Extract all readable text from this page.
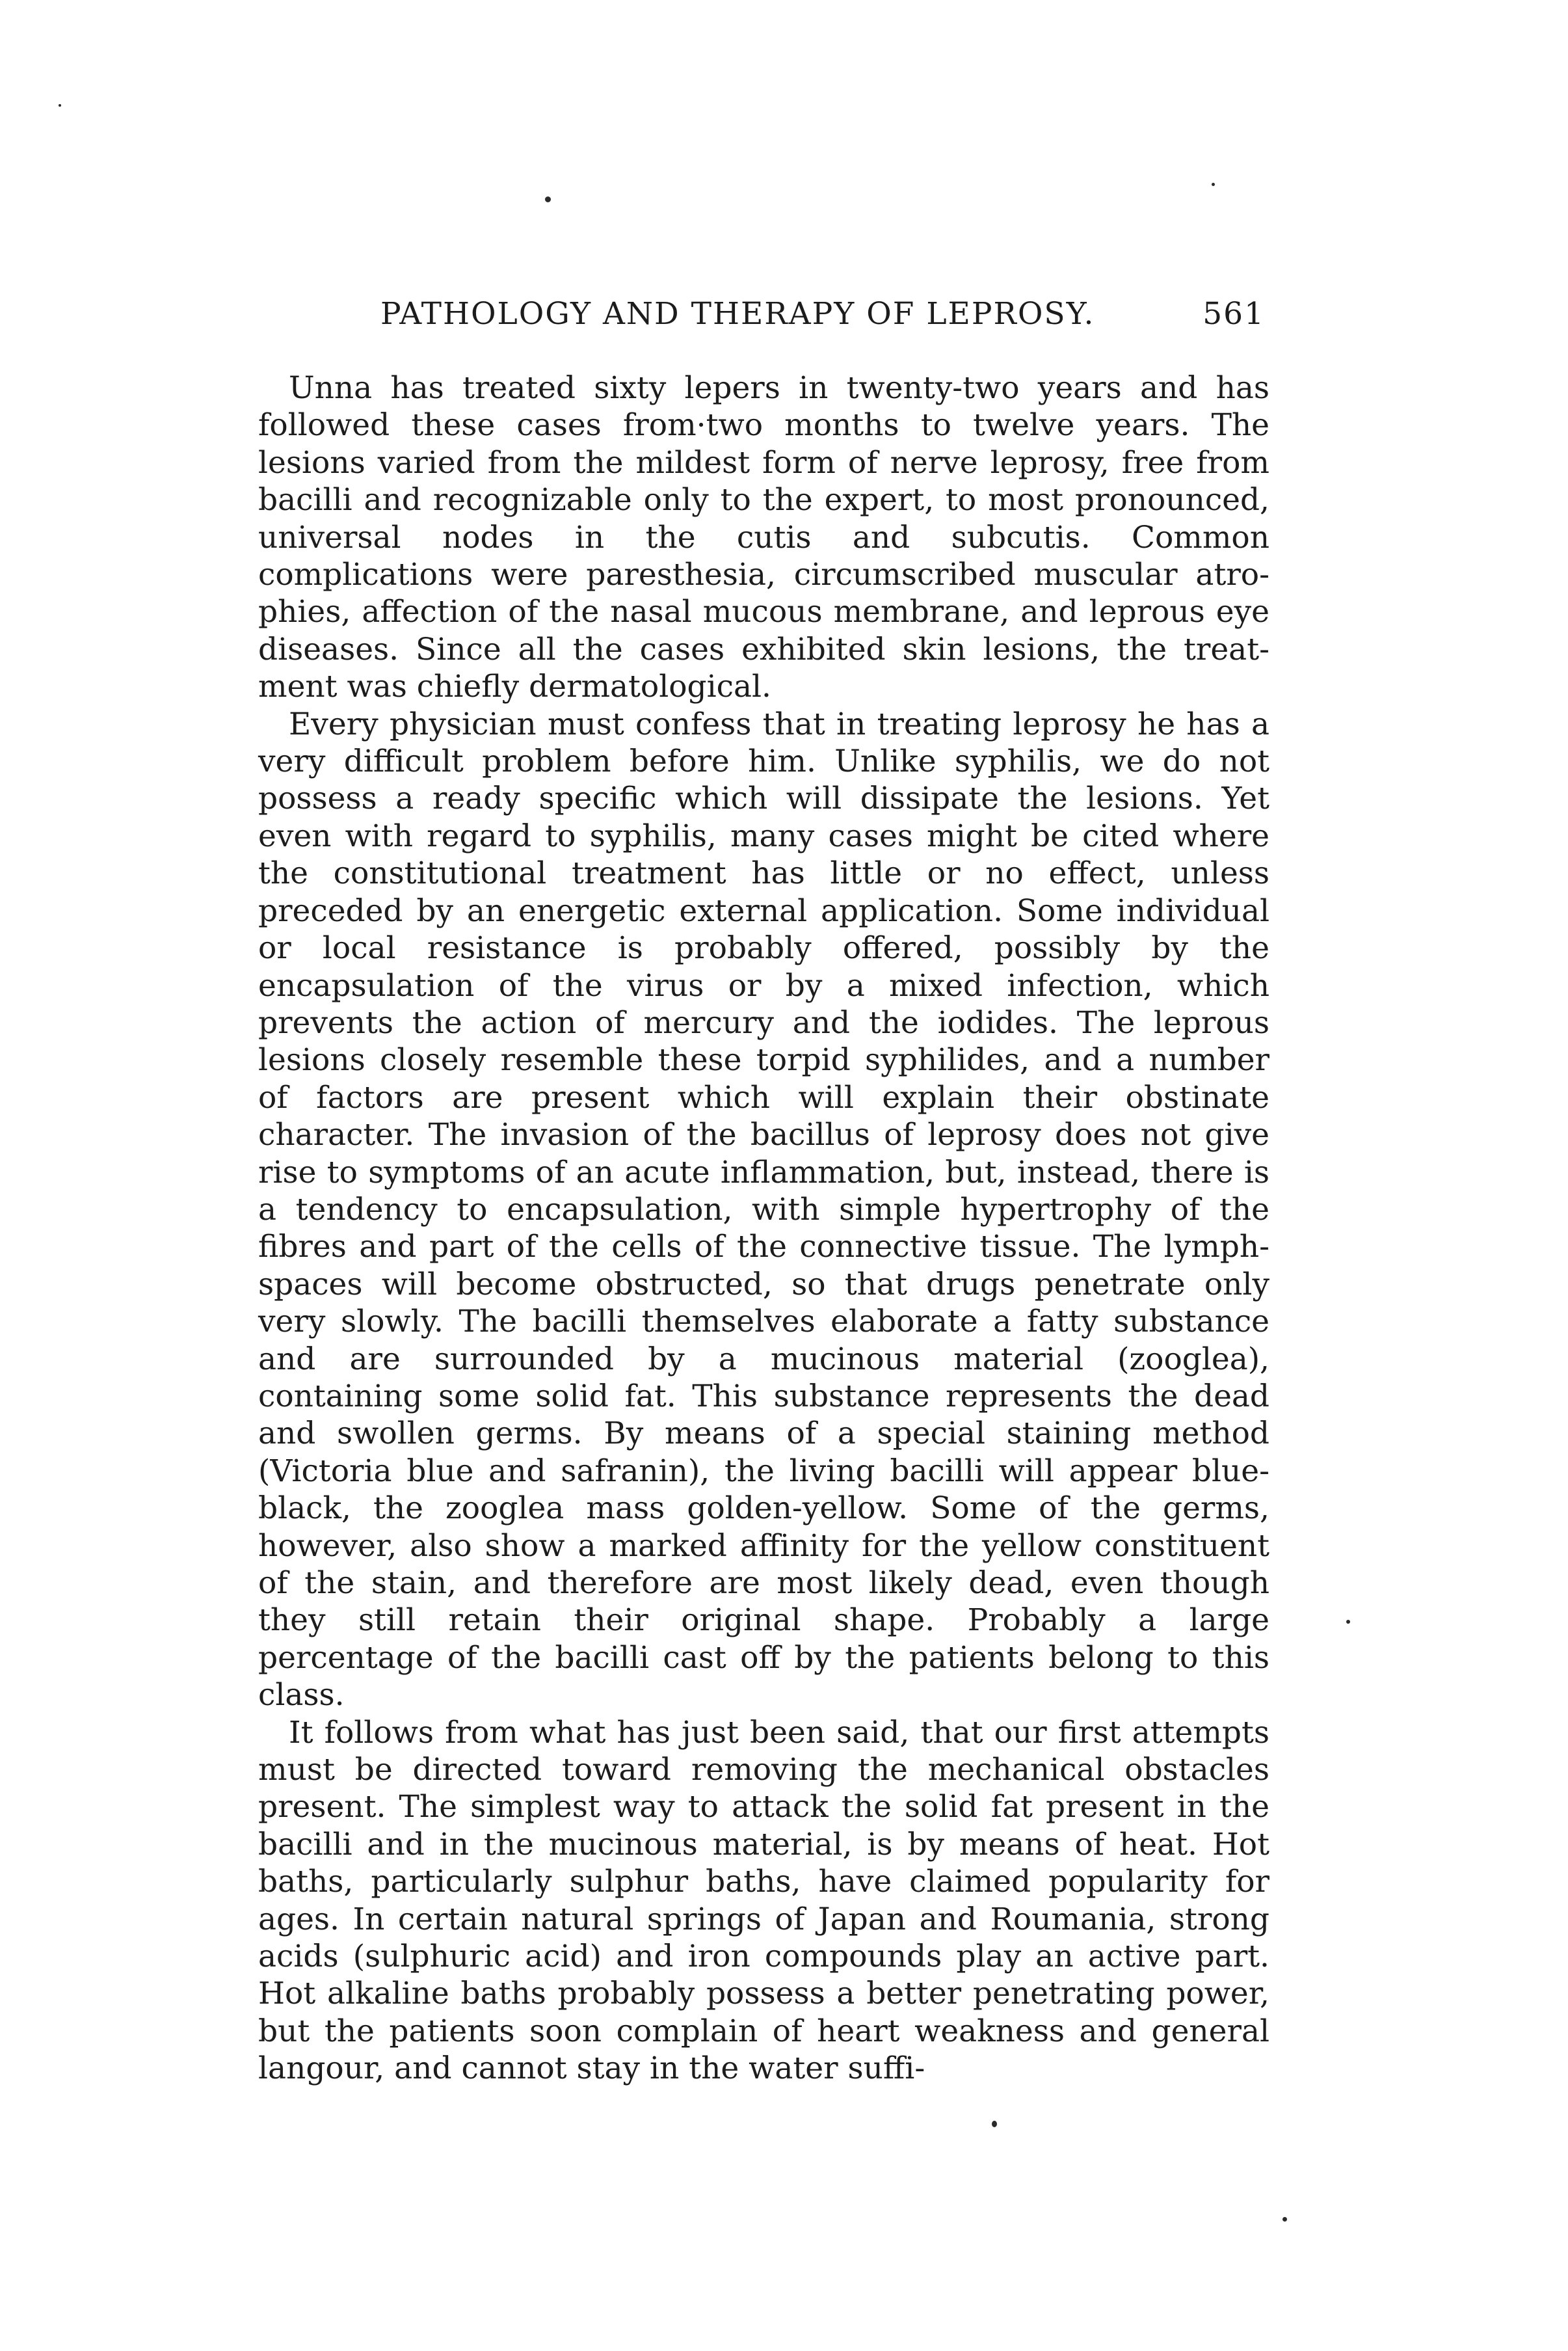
PATHOLOGY AND THERAPY OF LEPROSY.	561

Unna has treated sixty lepers in twenty-two years and has followed these cases from·two months to twelve years. The lesions varied from the mildest form of nerve leprosy, free from bacilli and recognizable only to the expert, to most pronounced, universal nodes in the cutis and subcutis. Common complications were paresthesia, circumscribed muscular atrophies, affection of the nasal mucous membrane, and leprous eye diseases. Since all the cases exhibited skin lesions, the treatment was chiefly dermatological.

Every physician must confess that in treating leprosy he has a very difficult problem before him. Unlike syphilis, we do not possess a ready specific which will dissipate the lesions. Yet even with regard to syphilis, many cases might be cited where the constitutional treatment has little or no effect, unless preceded by an energetic external application. Some individual or local resistance is probably offered, possibly by the encapsulation of the virus or by a mixed infection, which prevents the action of mercury and the iodides. The leprous lesions closely resemble these torpid syphilides, and a number of factors are present which will explain their obstinate character. The invasion of the bacillus of leprosy does not give rise to symptoms of an acute inflammation, but, instead, there is a tendency to encapsulation, with simple hypertrophy of the fibres and part of the cells of the connective tissue. The lymph-spaces will become obstructed, so that drugs penetrate only very slowly. The bacilli themselves elaborate a fatty substance and are surrounded by a mucinous material (zooglea), containing some solid fat. This substance represents the dead and swollen germs. By means of a special staining method (Victoria blue and safranin), the living bacilli will appear blue-black, the zooglea mass golden-yellow. Some of the germs, however, also show a marked affinity for the yellow constituent of the stain, and therefore are most likely dead, even though they still retain their original shape. Probably a large percentage of the bacilli cast off by the patients belong to this class.

It follows from what has just been said, that our first attempts must be directed toward removing the mechanical obstacles present. The simplest way to attack the solid fat present in the bacilli and in the mucinous material, is by means of heat. Hot baths, particularly sulphur baths, have claimed popularity for ages. In certain natural springs of Japan and Roumania, strong acids (sulphuric acid) and iron compounds play an active part. Hot alkaline baths probably possess a better penetrating power, but the patients soon complain of heart weakness and general langour, and cannot stay in the water suffi-
